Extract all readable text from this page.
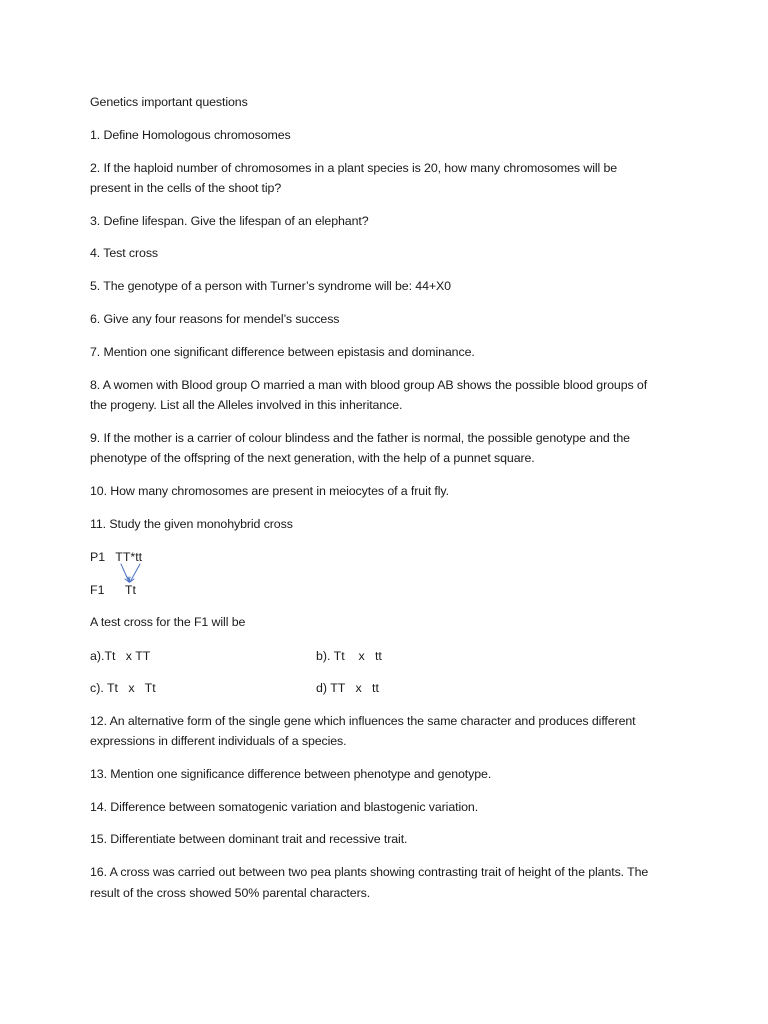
Genetics important questions
1. Define Homologous chromosomes
2. If the haploid number of chromosomes in a plant species is 20, how many chromosomes will be
present in the cells of the shoot tip?
3. Define lifespan. Give the lifespan of an elephant?
4. Test cross
5. The genotype of a person with Turner’s syndrome will be: 44+X0
6. Give any four reasons for mendel’s success
7. Mention one significant difference between epistasis and dominance.
8. A women with Blood group O married a man with blood group AB shows the possible blood groups of
the progeny. List all the Alleles involved in this inheritance.
9. If the mother is a carrier of colour blindess and the father is normal, the possible genotype and the
phenotype of the offspring of the next generation, with the help of a punnet square.
10. How many chromosomes are present in meiocytes of a fruit fly.
11. Study the given monohybrid cross
P1   TT*tt
F1      Tt
A test cross for the F1 will be
a).Tt   x TT	b). Tt    x   tt
c). Tt   x   Tt	d) TT   x   tt
12. An alternative form of the single gene which influences the same character and produces different
expressions in different individuals of a species.
13. Mention one significance difference between phenotype and genotype.
14. Difference between somatogenic variation and blastogenic variation.
15. Differentiate between dominant trait and recessive trait.
16. A cross was carried out between two pea plants showing contrasting trait of height of the plants. The
result of the cross showed 50% parental characters.
